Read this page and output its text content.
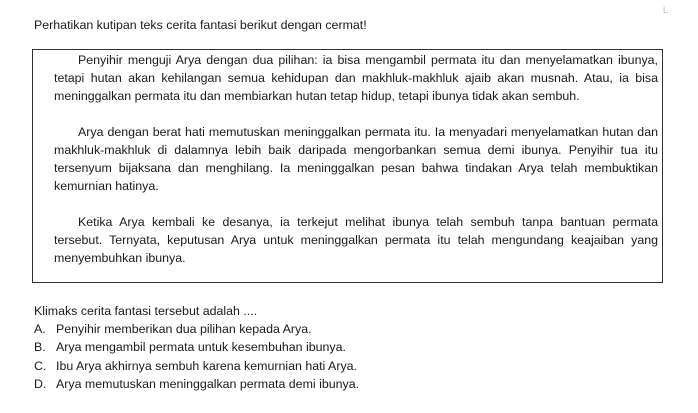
L
Perhatikan kutipan teks cerita fantasi berikut dengan cermat!

Penyihir menguji Arya dengan dua pilihan: ia bisa mengambil permata itu dan menyelamatkan ibunya, tetapi hutan akan kehilangan semua kehidupan dan makhluk-makhluk ajaib akan musnah. Atau, ia bisa meninggalkan permata itu dan membiarkan hutan tetap hidup, tetapi ibunya tidak akan sembuh.

Arya dengan berat hati memutuskan meninggalkan permata itu. Ia menyadari menyelamatkan hutan dan makhluk-makhluk di dalamnya lebih baik daripada mengorbankan semua demi ibunya. Penyihir tua itu tersenyum bijaksana dan menghilang. Ia meninggalkan pesan bahwa tindakan Arya telah membuktikan kemurnian hatinya.

Ketika Arya kembali ke desanya, ia terkejut melihat ibunya telah sembuh tanpa bantuan permata tersebut. Ternyata, keputusan Arya untuk meninggalkan permata itu telah mengundang keajaiban yang menyembuhkan ibunya.

Klimaks cerita fantasi tersebut adalah ....
A. Penyihir memberikan dua pilihan kepada Arya.
B. Arya mengambil permata untuk kesembuhan ibunya.
C. Ibu Arya akhirnya sembuh karena kemurnian hati Arya.
D. Arya memutuskan meninggalkan permata demi ibunya.
